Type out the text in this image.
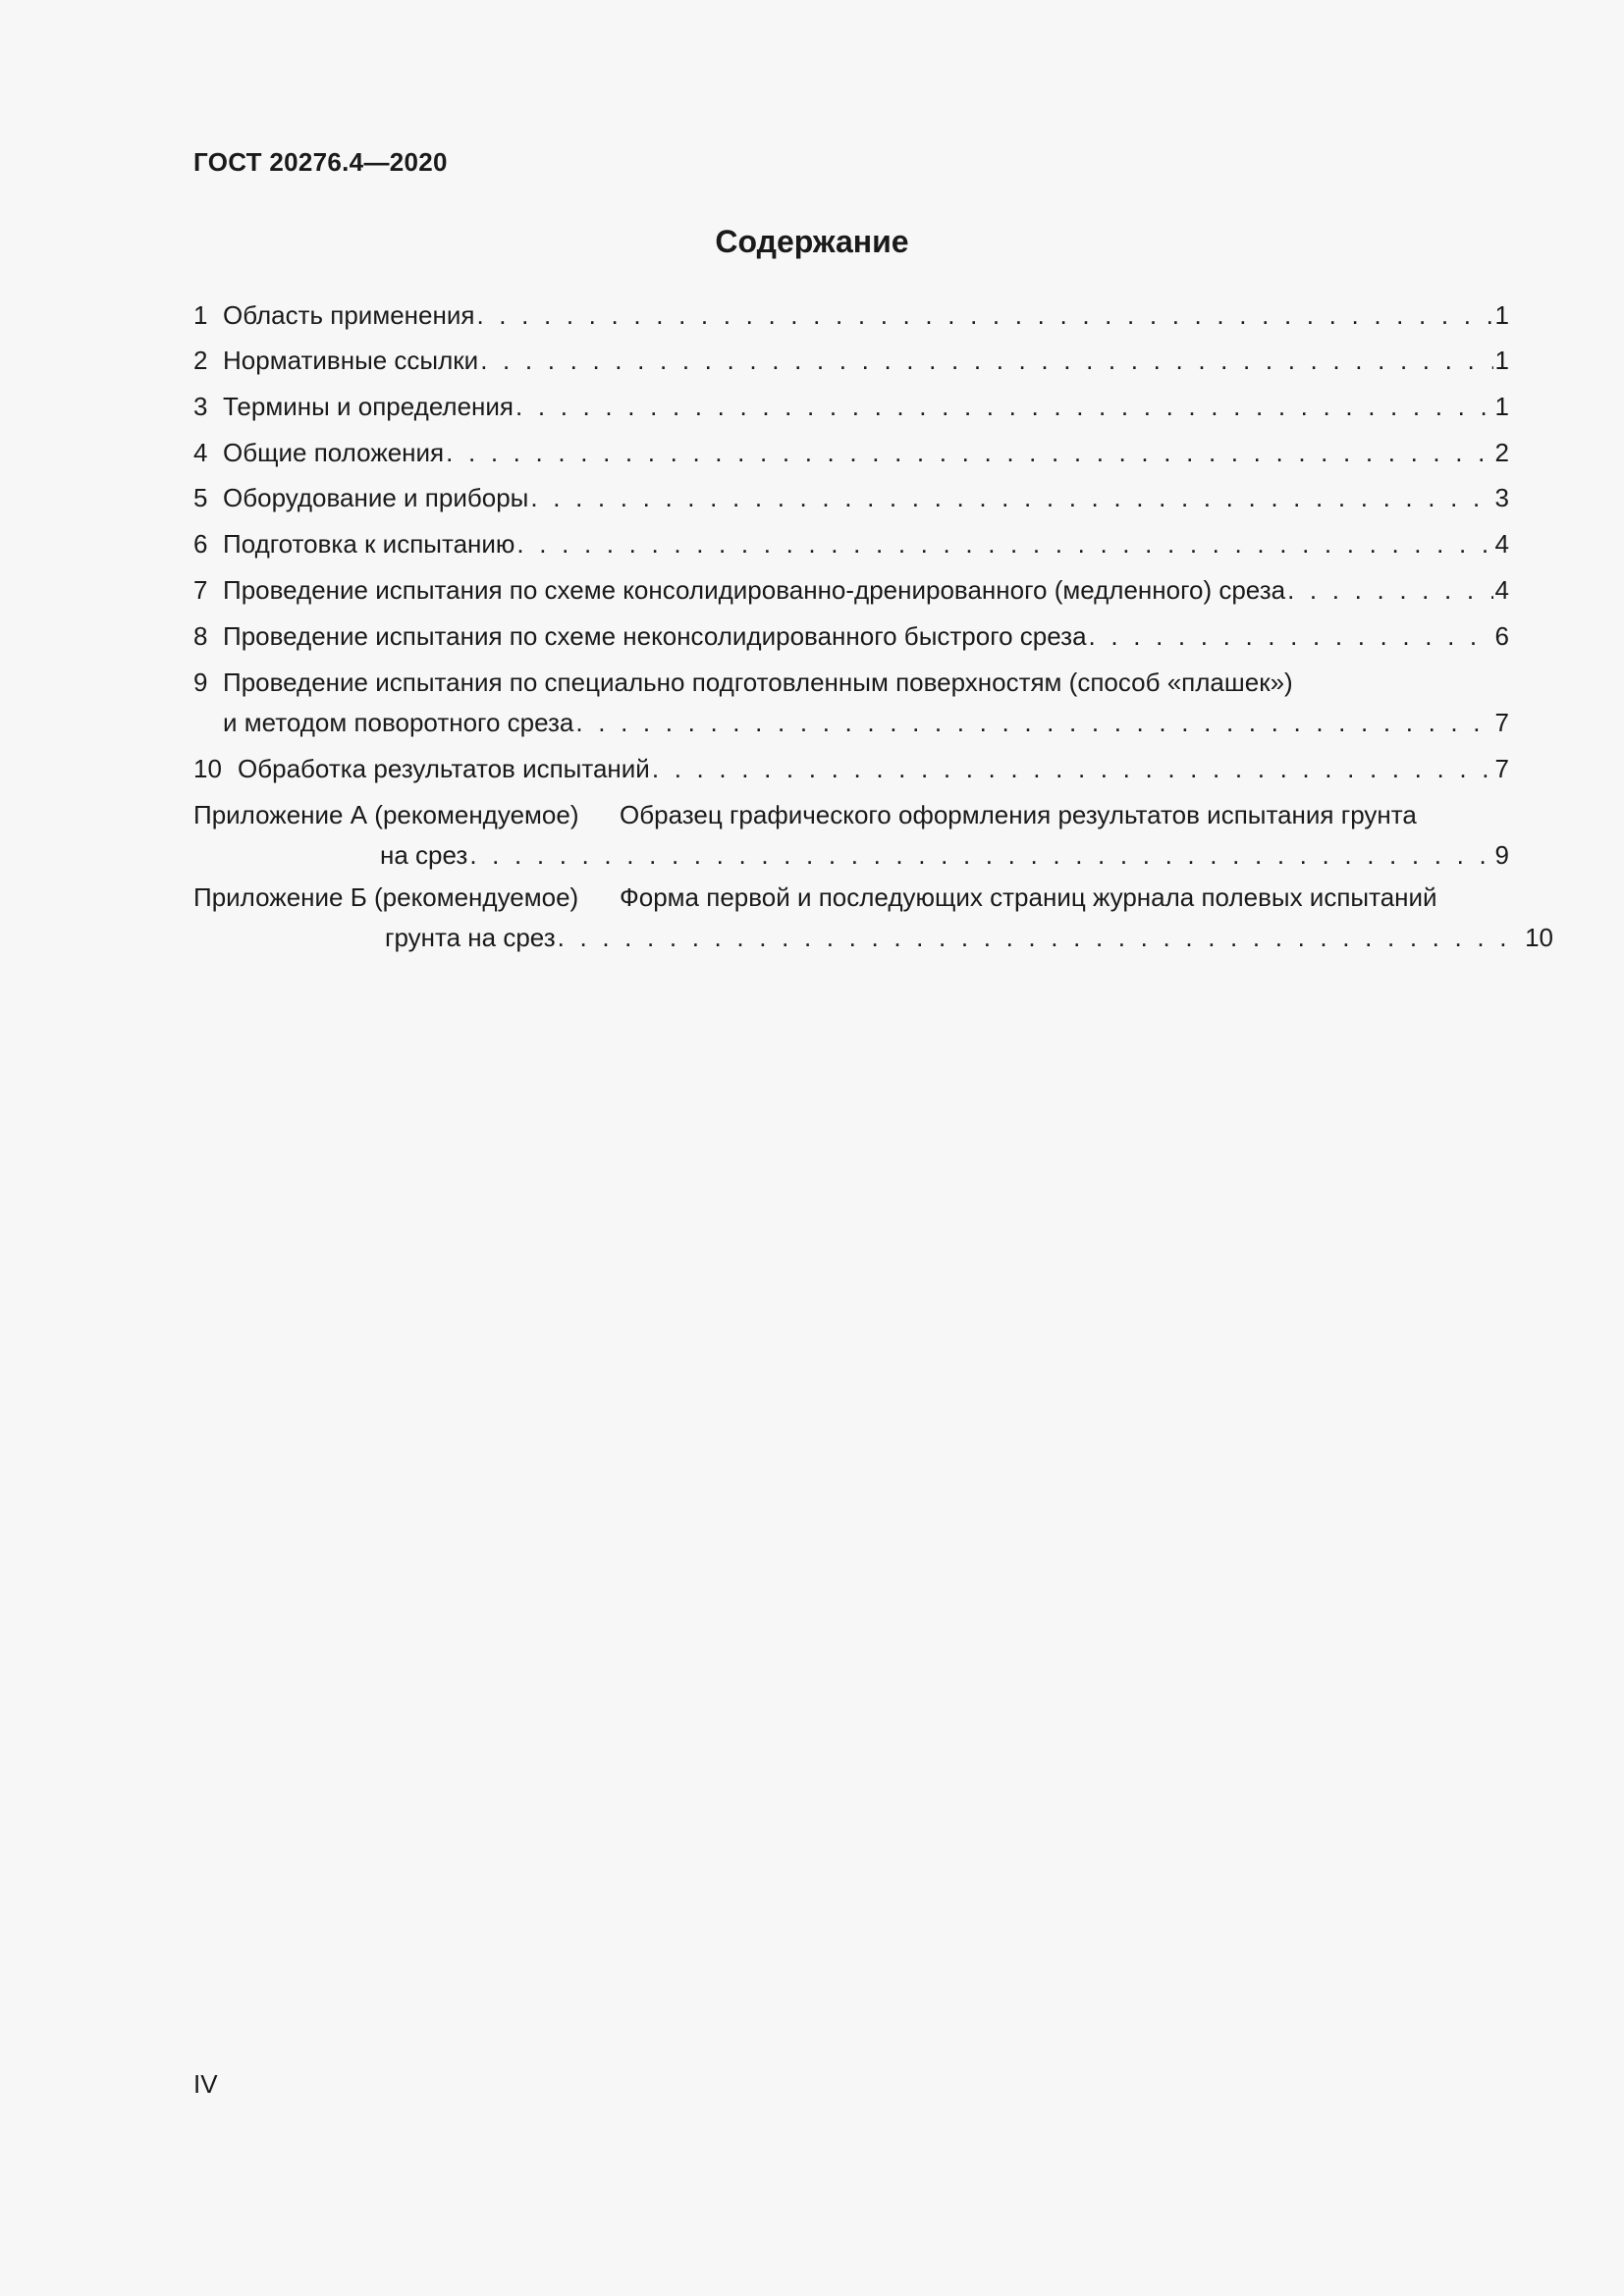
ГОСТ 20276.4—2020
Содержание
1 Область применения . . .	1
2 Нормативные ссылки . . .	1
3 Термины и определения . . .	1
4 Общие положения . . .	2
5 Оборудование и приборы . . .	3
6 Подготовка к испытанию . . .	4
7 Проведение испытания по схеме консолидированно-дренированного (медленного) среза . . .	4
8 Проведение испытания по схеме неконсолидированного быстрого среза . . .	6
9 Проведение испытания по специально подготовленным поверхностям (способ «плашек»)
и методом поворотного среза . . .	7
10 Обработка результатов испытаний . . .	7
Приложение А (рекомендуемое)	Образец графического оформления результатов испытания грунта
на срез . . .	9
Приложение Б (рекомендуемое)	Форма первой и последующих страниц журнала полевых испытаний
грунта на срез . . .	10
IV
